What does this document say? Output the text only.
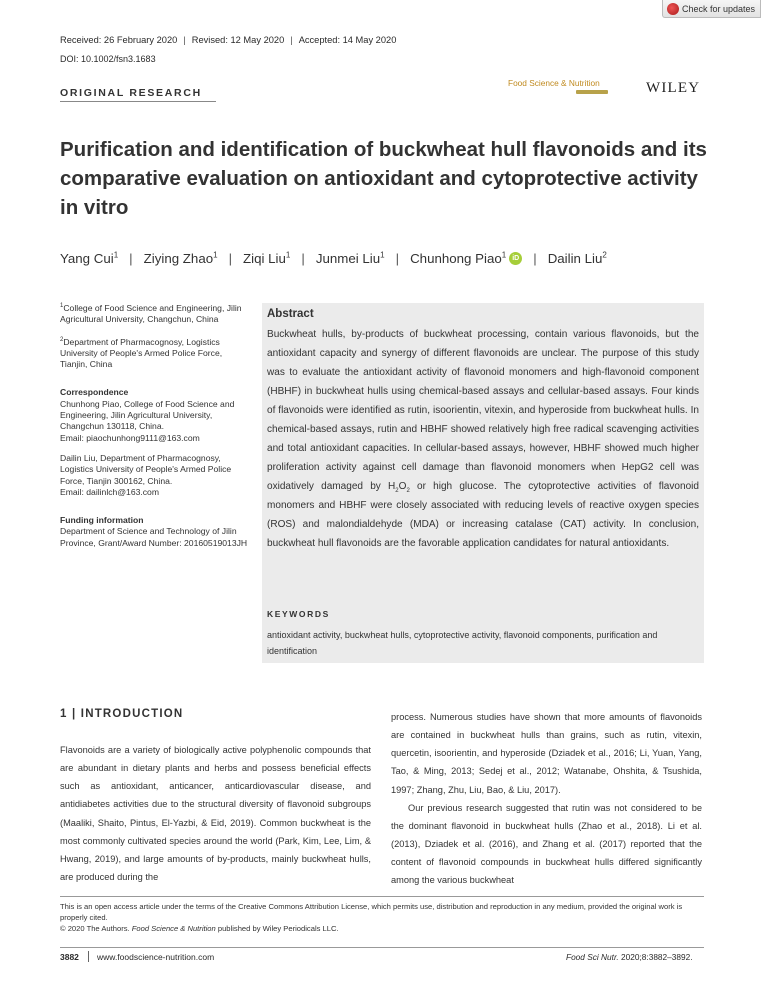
Check for updates
Received: 26 February 2020 | Revised: 12 May 2020 | Accepted: 14 May 2020
DOI: 10.1002/fsn3.1683
ORIGINAL RESEARCH
Food Science & Nutrition	WILEY
Purification and identification of buckwheat hull flavonoids and its comparative evaluation on antioxidant and cytoprotective activity in vitro
Yang Cui$^1$ | Ziying Zhao$^1$ | Ziqi Liu$^1$ | Junmei Liu$^1$ | Chunhong Piao$^1$ iD | Dailin Liu$^2$

$^1$College of Food Science and Engineering, Jilin Agricultural University, Changchun, China

$^2$Department of Pharmacognosy, Logistics University of People's Armed Police Force, Tianjin, China

Correspondence

Chunhong Piao, College of Food Science and Engineering, Jilin Agricultural University, Changchun 130118, China.
Email: piaochunhong9111@163.com

Dailin Liu, Department of Pharmacognosy, Logistics University of People's Armed Police Force, Tianjin 300162, China.
Email: dailinlch@163.com

Funding information

Department of Science and Technology of Jilin Province, Grant/Award Number: 20160519013JH

Abstract
Buckwheat hulls, by-products of buckwheat processing, contain various flavonoids, but the antioxidant capacity and synergy of different flavonoids are unclear. The purpose of this study was to evaluate the antioxidant activity of flavonoid monomers and high-flavonoid component (HBHF) in buckwheat hulls using chemical-based assays and cellular-based assays. Four kinds of flavonoids were identified as rutin, isoorientin, vitexin, and hyperoside from buckwheat hulls. In chemical-based assays, rutin and HBHF showed relatively high free radical scavenging activities and total antioxidant capacities. In cellular-based assays, however, HBHF showed much higher proliferation activity against cell damage than flavonoid monomers when HepG2 cell was oxidatively damaged by $H_2O_2$ or high glucose. The cytoprotective activities of flavonoid monomers and HBHF were closely associated with reducing levels of reactive oxygen species (ROS) and malondialdehyde (MDA) or increasing catalase (CAT) activity. In conclusion, buckwheat hull flavonoids are the favorable application candidates for natural antioxidants.
KEYWORDS
antioxidant activity, buckwheat hulls, cytoprotective activity, flavonoid components, purification and identification
1 | INTRODUCTION

Flavonoids are a variety of biologically active polyphenolic compounds that are abundant in dietary plants and herbs and possess beneficial effects such as antioxidant, anticancer, anticardiovascular disease, and antidiabetes activities due to the structural diversity of flavonoid subgroups (Maaliki, Shaito, Pintus, El-Yazbi, & Eid, 2019). Common buckwheat is the most commonly cultivated species around the world (Park, Kim, Lee, Lim, & Hwang, 2019), and large amounts of by-products, mainly buckwheat hulls, are produced during the

process. Numerous studies have shown that more amounts of flavonoids are contained in buckwheat hulls than grains, such as rutin, vitexin, quercetin, isoorientin, and hyperoside (Dziadek et al., 2016; Li, Yuan, Yang, Tao, & Ming, 2013; Sedej et al., 2012; Watanabe, Ohshita, & Tsushida, 1997; Zhang, Zhu, Liu, Bao, & Liu, 2017).

Our previous research suggested that rutin was not considered to be the dominant flavonoid in buckwheat hulls (Zhao et al., 2018). Li et al. (2013), Dziadek et al. (2016), and Zhang et al. (2017) reported that the content of flavonoid compounds in buckwheat hulls differed significantly among the various buckwheat

This is an open access article under the terms of the Creative Commons Attribution License, which permits use, distribution and reproduction in any medium, provided the original work is properly cited.
© 2020 The Authors. Food Science & Nutrition published by Wiley Periodicals LLC.
3882 www.foodscience-nutrition.com	Food Sci Nutr. 2020;8:3882–3892.
